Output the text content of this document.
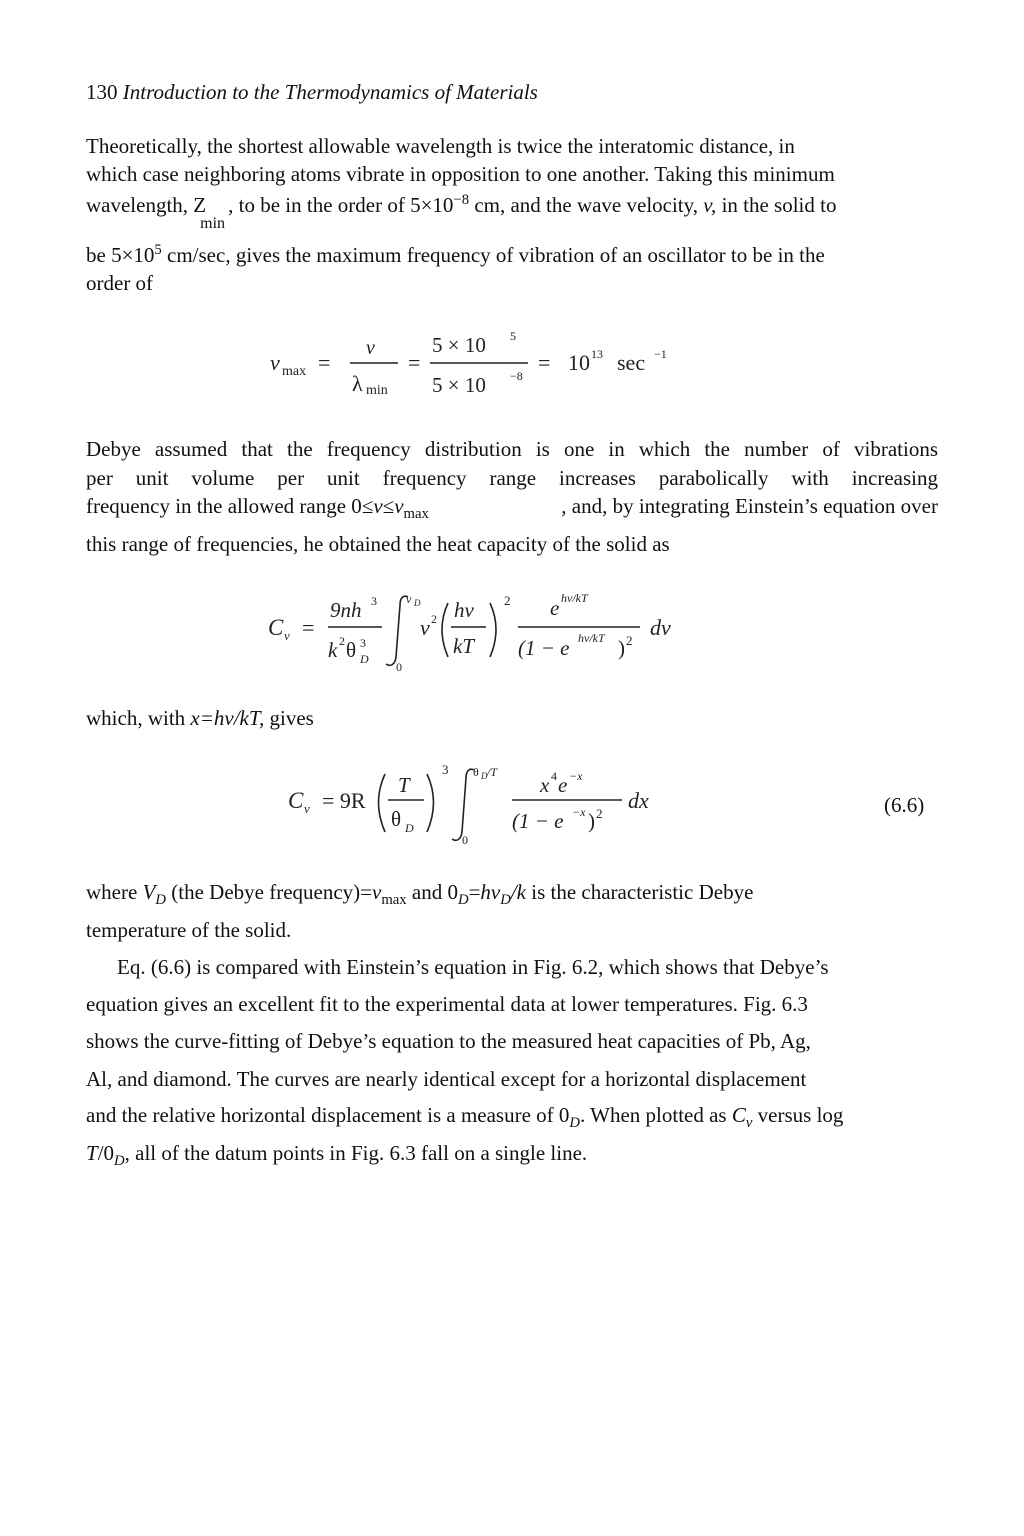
130 Introduction to the Thermodynamics of Materials
Theoretically, the shortest allowable wavelength is twice the interatomic distance, in
which case neighboring atoms vibrate in opposition to one another. Taking this minimum
wavelength, Z
min
, to be in the order of $5\times 10^{-8}$ cm, and the wave velocity, v, in the solid to
be $5\times 10^5$ cm/sec, gives the maximum frequency of vibration of an oscillator to be in the
order of
ν max =
ν
λ min
=
5 × 10 5
5 × 10 −8
= 10 13 sec −1
Debye assumed that the frequency distribution is one in which the number of vibrations
per unit volume per unit frequency range increases parabolically with increasing
frequency in the allowed range $0\le v\le v_{max}$	, and, by integrating Einstein’s equation over
this range of frequencies, he obtained the heat capacity of the solid as
C v =
9nh 3
k 2 θ D
3
ν D
0
ν 2 hν
kT
2 e hν/kT
(1 − e hν/kT ) 2
dν
which, with x=hv/kT, gives
C v = 9R
T
θ D
3 θ D /T
0
x 4 e −x
(1 − e −x ) 2
dx	(6.6)
where $V_D$ (the Debye $frequency)=v_{max}$ and $0_D=hv_D/k$ is the characteristic Debye
temperature of the solid.
Eq. (6.6) is compared with Einstein’s equation in Fig. 6.2, which shows that Debye’s
equation gives an excellent fit to the experimental data at lower temperatures. Fig. 6.3
shows the curve-fitting of Debye’s equation to the measured heat capacities of Pb, Ag,
Al, and diamond. The curves are nearly identical except for a horizontal displacement
and the relative horizontal displacement is a measure of $0_D$. When plotted as $C_v$ versus log
$T/0_D$, all of the datum points in Fig. 6.3 fall on a single line.
